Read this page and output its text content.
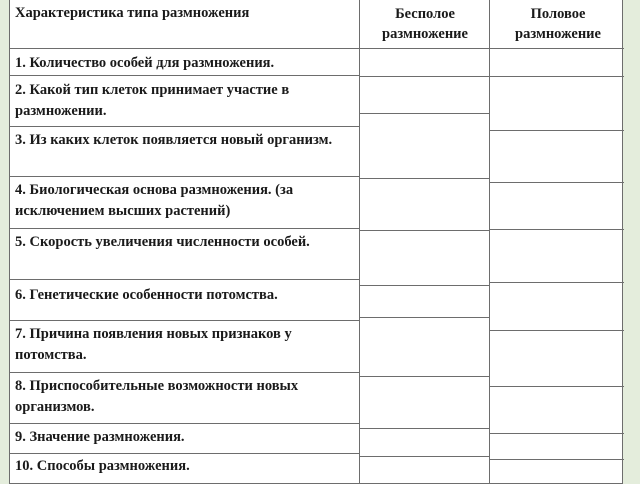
Характеристика типа размножения	Бесполое размножение
Половое размножение
1. Количество особей для размножения.
2. Какой тип клеток принимает участие в размножении.
3. Из каких клеток появляется новый организм.
4. Биологическая основа размножения. (за исключением высших растений)
5. Скорость увеличения численности особей.
6. Генетические особенности потомства.
7. Причина появления новых признаков у потомства.
8. Приспособительные возможности новых организмов.
9. Значение размножения.
10. Способы размножения.
